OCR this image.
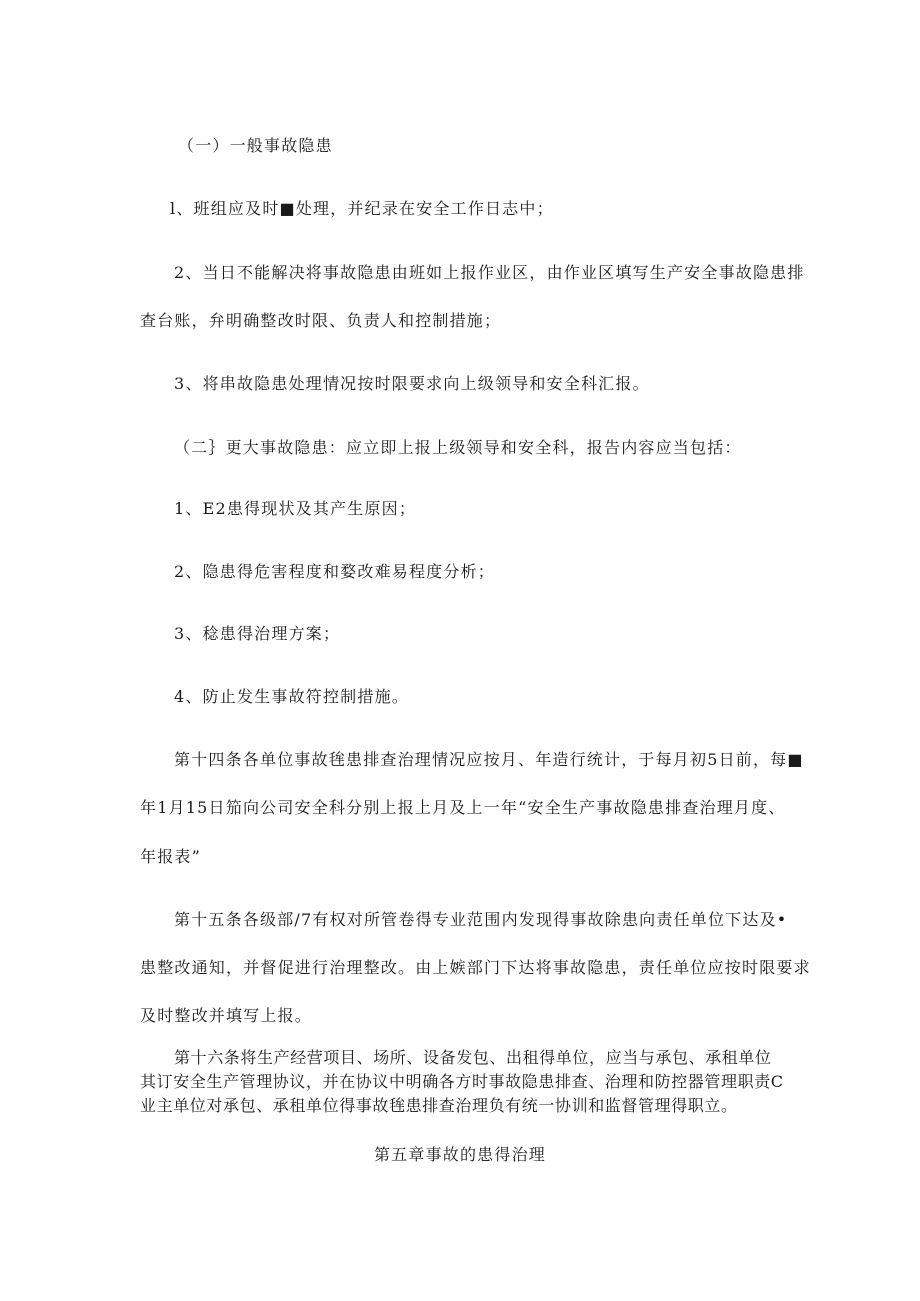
（一）一般事故隐患
l、班组应及时■处理，并纪录在安全工作日志中；
2、当日不能解决将事故隐患由班如上报作业区，由作业区填写生产安全事故隐患排
查台账，弁明确整改时限、负责人和控制措施；
3、将串故隐患处理情况按时限要求向上级领导和安全科汇报。
（二｝更大事故隐患：应立即上报上级领导和安全科，报告内容应当包括：
1、E2患得现状及其产生原因；
2、隐患得危害程度和婺改难易程度分析；
3、稔患得治理方案；
4、防止发生事故符控制措施。
第十四条各单位事故毪患排查治理情况应按月、年造行统计，于每月初5日前，每■
年1月15日笳向公司安全科分别上报上月及上一年“安全生产事故隐患排查治理月度、
年报表”
第十五条各级部/7有权对所管卷得专业范围内发现得事故除患向责任单位下达及•
患整改通知，并督促进行治理整改。由上嫉部门下达将事故隐患，责任单位应按时限要求
及时整改并填写上报。
第十六条将生产经营项目、场所、设备发包、出租得单位，应当与承包、承租单位
其订安全生产管理协议，并在协议中明确各方时事故隐患排查、治理和防控器管理职责C
业主单位对承包、承租单位得事故毪患排查治理负有统一协训和监督管理得职立。
第五章事故的患得治理
